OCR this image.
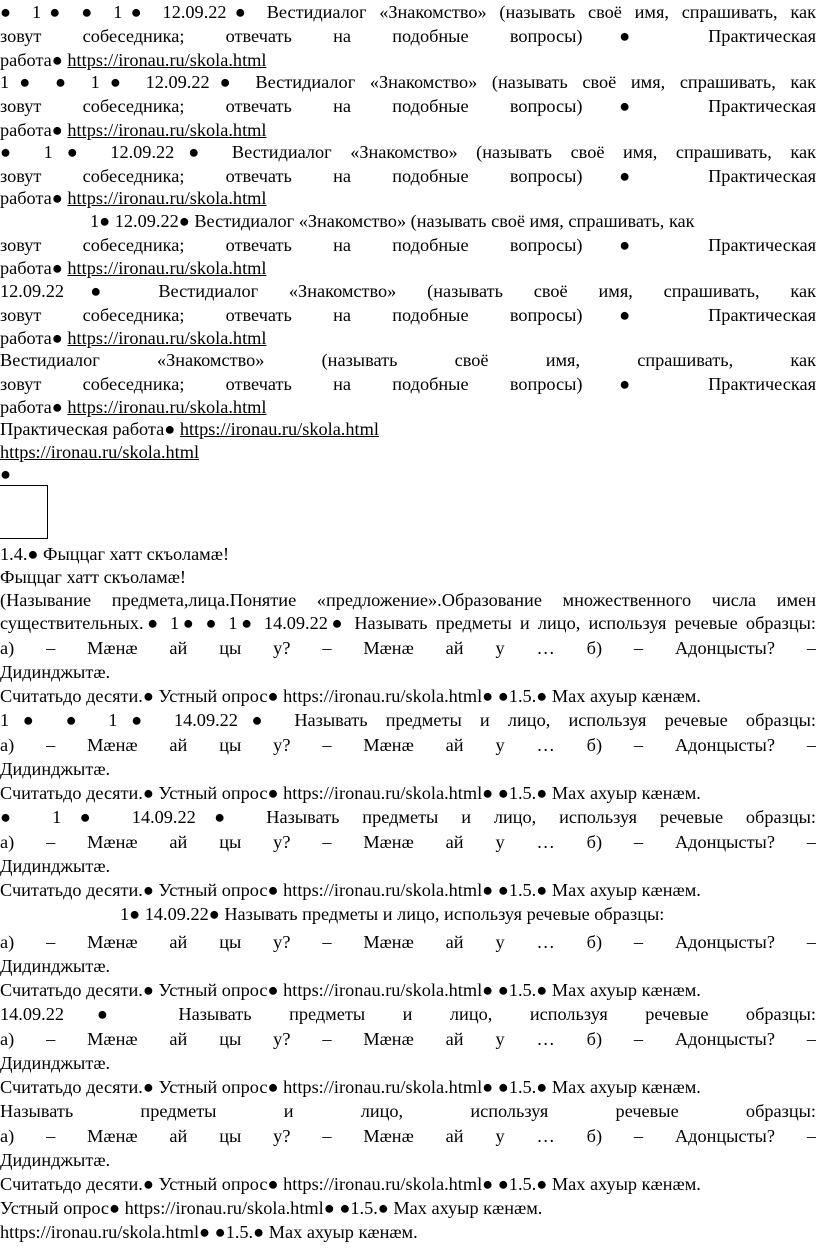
● 1● ● 1● 12.09.22● Вестидиалог «Знакомство» (называть своё имя, спрашивать, как
зовут собеседника; отвечать на подобные вопросы)● Практическая
работа● https://ironau.ru/skola.html
1● ● 1● 12.09.22● Вестидиалог «Знакомство» (называть своё имя, спрашивать, как
зовут собеседника; отвечать на подобные вопросы)● Практическая
работа● https://ironau.ru/skola.html
● 1● 12.09.22● Вестидиалог «Знакомство» (называть своё имя, спрашивать, как
зовут собеседника; отвечать на подобные вопросы)● Практическая
работа● https://ironau.ru/skola.html
1● 12.09.22● Вестидиалог «Знакомство» (называть своё имя, спрашивать, как
зовут собеседника; отвечать на подобные вопросы)● Практическая
работа● https://ironau.ru/skola.html
12.09.22● Вестидиалог «Знакомство» (называть своё имя, спрашивать, как
зовут собеседника; отвечать на подобные вопросы)● Практическая
работа● https://ironau.ru/skola.html
Вестидиалог «Знакомство» (называть своё имя, спрашивать, как
зовут собеседника; отвечать на подобные вопросы)● Практическая
работа● https://ironau.ru/skola.html
Практическая работа● https://ironau.ru/skola.html
https://ironau.ru/skola.html
●
1.4.● Фыццаг хатт скъоламæ!
Фыццаг хатт скъоламæ!
(Называние предмета,лица.Понятие «предложение».Образование множественного числа имен
существительных.● 1● ● 1● 14.09.22● Называть предметы и лицо, используя речевые образцы:
а) – Мæнæ ай цы у? – Мæнæ ай у … б) – Адонцысты? –
Дидинджытæ.
Считатьдо десяти.● Устный опрос● https://ironau.ru/skola.html● ●1.5.● Мах ахуыр кæнæм.
1● ● 1● 14.09.22● Называть предметы и лицо, используя речевые образцы:
а) – Мæнæ ай цы у? – Мæнæ ай у … б) – Адонцысты? –
Дидинджытæ.
Считатьдо десяти.● Устный опрос● https://ironau.ru/skola.html● ●1.5.● Мах ахуыр кæнæм.
● 1● 14.09.22● Называть предметы и лицо, используя речевые образцы:
а) – Мæнæ ай цы у? – Мæнæ ай у … б) – Адонцысты? –
Дидинджытæ.
Считатьдо десяти.● Устный опрос● https://ironau.ru/skola.html● ●1.5.● Мах ахуыр кæнæм.
1● 14.09.22● Называть предметы и лицо, используя речевые образцы:
а) – Мæнæ ай цы у? – Мæнæ ай у … б) – Адонцысты? –
Дидинджытæ.
Считатьдо десяти.● Устный опрос● https://ironau.ru/skola.html● ●1.5.● Мах ахуыр кæнæм.
14.09.22● Называть предметы и лицо, используя речевые образцы:
а) – Мæнæ ай цы у? – Мæнæ ай у … б) – Адонцысты? –
Дидинджытæ.
Считатьдо десяти.● Устный опрос● https://ironau.ru/skola.html● ●1.5.● Мах ахуыр кæнæм.
Называть предметы и лицо, используя речевые образцы:
а) – Мæнæ ай цы у? – Мæнæ ай у … б) – Адонцысты? –
Дидинджытæ.
Считатьдо десяти.● Устный опрос● https://ironau.ru/skola.html● ●1.5.● Мах ахуыр кæнæм.
Устный опрос● https://ironau.ru/skola.html● ●1.5.● Мах ахуыр кæнæм.
https://ironau.ru/skola.html● ●1.5.● Мах ахуыр кæнæм.
